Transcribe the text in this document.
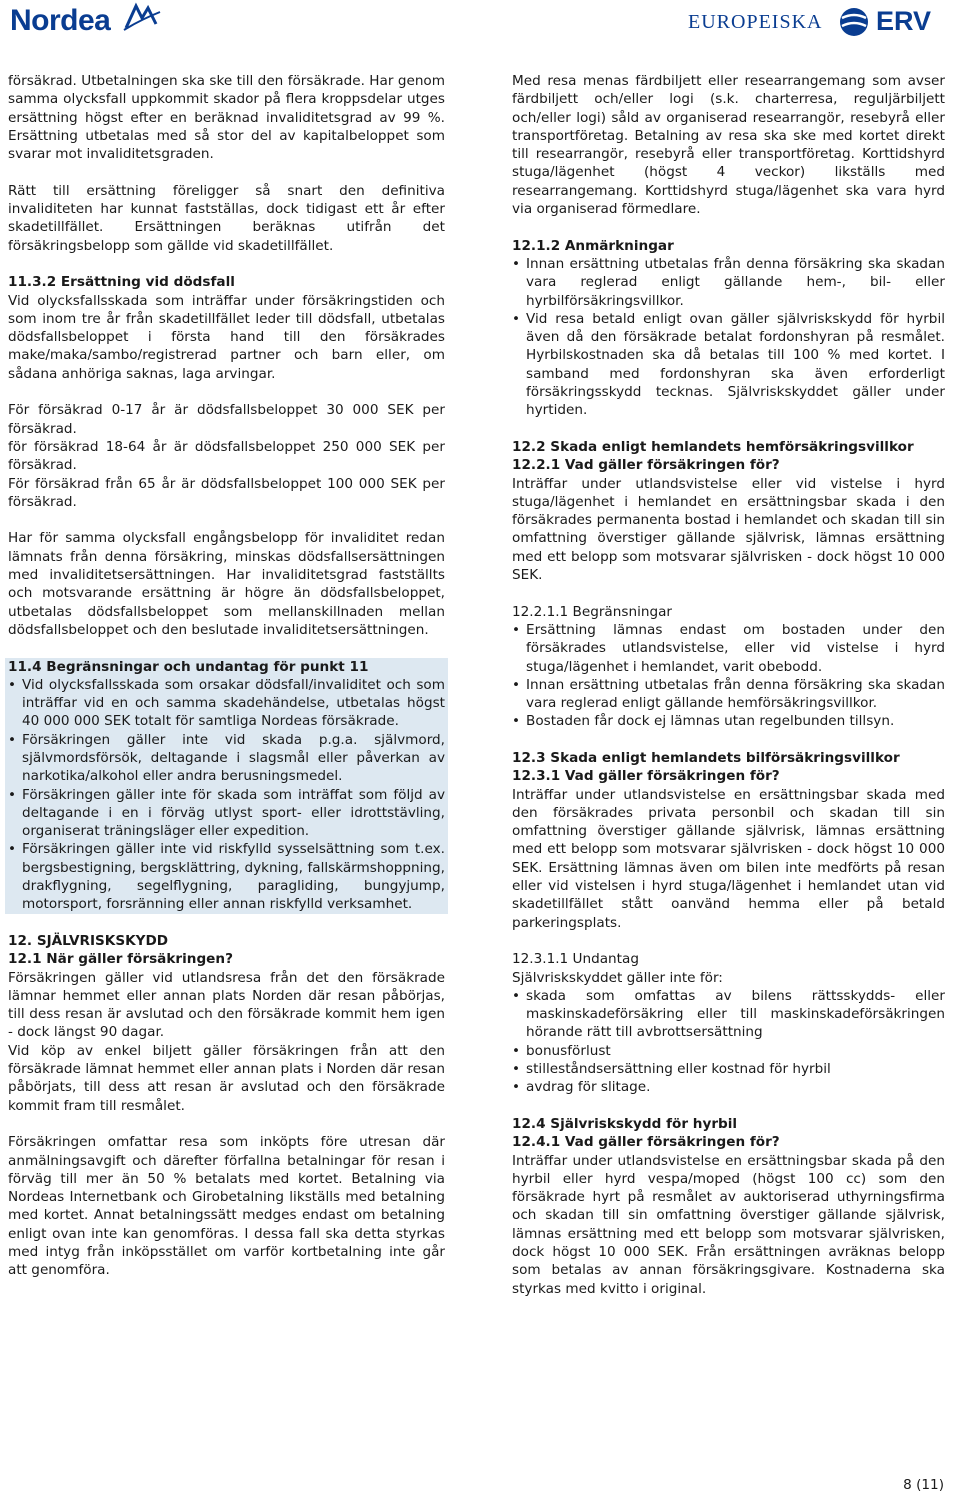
Nordea	EUROPEISKA ERV

försäkrad. Utbetalningen ska ske till den försäkrade. Har genom samma olycksfall uppkommit skador på flera kroppsdelar utges ersättning högst efter en beräknad invaliditetsgrad av 99 %. Ersättning utbetalas med så stor del av kapitalbeloppet som svarar mot invaliditetsgraden.

Rätt till ersättning föreligger så snart den definitiva invaliditeten har kunnat fastställas, dock tidigast ett år efter skadetillfället. Ersättningen beräknas utifrån det försäkringsbelopp som gällde vid skadetillfället.

11.3.2 Ersättning vid dödsfall

Vid olycksfallsskada som inträffar under försäkringstiden och som inom tre år från skadetillfället leder till dödsfall, utbetalas dödsfallsbeloppet i första hand till den försäkrades make/maka/sambo/registrerad partner och barn eller, om sådana anhöriga saknas, laga arvingar.

För försäkrad 0-17 år är dödsfallsbeloppet 30 000 SEK per försäkrad.

för försäkrad 18-64 år är dödsfallsbeloppet 250 000 SEK per försäkrad.

För försäkrad från 65 år är dödsfallsbeloppet 100 000 SEK per försäkrad.

Har för samma olycksfall engångsbelopp för invaliditet redan lämnats från denna försäkring, minskas dödsfallsersättningen med invaliditetsersättningen. Har invaliditetsgrad fastställts och motsvarande ersättning är högre än dödsfallsbeloppet, utbetalas dödsfallsbeloppet som mellanskillnaden mellan dödsfallsbeloppet och den beslutade invaliditetsersättningen.

11.4 Begränsningar och undantag för punkt 11
• Vid olycksfallsskada som orsakar dödsfall/invaliditet och som inträffar vid en och samma skadehändelse, utbetalas högst 40 000 000 SEK totalt för samtliga Nordeas försäkrade.
• Försäkringen gäller inte vid skada p.g.a. självmord, självmordsförsök, deltagande i slagsmål eller påverkan av narkotika/alkohol eller andra berusningsmedel.
• Försäkringen gäller inte för skada som inträffat som följd av deltagande i en i förväg utlyst sport- eller idrottstävling, organiserat träningsläger eller expedition.
• Försäkringen gäller inte vid riskfylld sysselsättning som t.ex. bergsbestigning, bergsklättring, dykning, fallskärmshoppning, drakflygning, segelflygning, paragliding, bungyjump, motorsport, forsränning eller annan riskfylld verksamhet.
12. SJÄLVRISKSKYDD
12.1 När gäller försäkringen?

Försäkringen gäller vid utlandsresa från det den försäkrade lämnar hemmet eller annan plats Norden där resan påbörjas, till dess resan är avslutad och den försäkrade kommit hem igen - dock längst 90 dagar.

Vid köp av enkel biljett gäller försäkringen från att den försäkrade lämnat hemmet eller annan plats i Norden där resan påbörjats, till dess att resan är avslutad och den försäkrade kommit fram till resmålet.

Försäkringen omfattar resa som inköpts före utresan där anmälningsavgift och därefter förfallna betalningar för resan i förväg till mer än 50 % betalats med kortet. Betalning via Nordeas Internetbank och Girobetalning likställs med betalning med kortet. Annat betalningssätt medges endast om betalning enligt ovan inte kan genomföras. I dessa fall ska detta styrkas med intyg från inköpsstället om varför kortbetalning inte går att genomföra.

Med resa menas färdbiljett eller researrangemang som avser färdbiljett och/eller logi (s.k. charterresa, reguljärbiljett och/eller logi) såld av organiserad researrangör, resebyrå eller transportföretag. Betalning av resa ska ske med kortet direkt till researrangör, resebyrå eller transportföretag. Korttidshyrd stuga/lägenhet (högst 4 veckor) likställs med researrangemang. Korttidshyrd stuga/lägenhet ska vara hyrd via organiserad förmedlare.

12.1.2 Anmärkningar
• Innan ersättning utbetalas från denna försäkring ska skadan vara reglerad enligt gällande hem-, bil- eller hyrbilförsäkringsvillkor.
• Vid resa betald enligt ovan gäller självriskskydd för hyrbil även då den försäkrade betalat fordonshyran på resmålet. Hyrbilskostnaden ska då betalas till 100 % med kortet. I samband med fordonshyran ska även erforderligt försäkringsskydd tecknas. Självriskskyddet gäller under hyrtiden.
12.2 Skada enligt hemlandets hemförsäkringsvillkor
12.2.1 Vad gäller försäkringen för?

Inträffar under utlandsvistelse eller vid vistelse i hyrd stuga/lägenhet i hemlandet en ersättningsbar skada i den försäkrades permanenta bostad i hemlandet och skadan till sin omfattning överstiger gällande självrisk, lämnas ersättning med ett belopp som motsvarar självrisken - dock högst 10 000 SEK.

12.2.1.1 Begränsningar
• Ersättning lämnas endast om bostaden under den försäkrades utlandsvistelse, eller vid vistelse i hyrd stuga/lägenhet i hemlandet, varit obebodd.
• Innan ersättning utbetalas från denna försäkring ska skadan vara reglerad enligt gällande hemförsäkringsvillkor.
• Bostaden får dock ej lämnas utan regelbunden tillsyn.
12.3 Skada enligt hemlandets bilförsäkringsvillkor
12.3.1 Vad gäller försäkringen för?

Inträffar under utlandsvistelse en ersättningsbar skada med den försäkrades privata personbil och skadan till sin omfattning överstiger gällande självrisk, lämnas ersättning med ett belopp som motsvarar självrisken - dock högst 10 000 SEK. Ersättning lämnas även om bilen inte medförts på resan eller vid vistelsen i hyrd stuga/lägenhet i hemlandet utan vid skadetillfället stått oanvänd hemma eller på betald parkeringsplats.

12.3.1.1 Undantag

Självriskskyddet gäller inte för:

• skada som omfattas av bilens rättsskydds- eller maskinskadeförsäkring eller till maskinskadeförsäkringen hörande rätt till avbrottsersättning
• bonusförlust
• stilleståndsersättning eller kostnad för hyrbil
• avdrag för slitage.
12.4 Självriskskydd för hyrbil
12.4.1 Vad gäller försäkringen för?

Inträffar under utlandsvistelse en ersättningsbar skada på den hyrbil eller hyrd vespa/moped (högst 100 cc) som den försäkrade hyrt på resmålet av auktoriserad uthyrningsfirma och skadan till sin omfattning överstiger gällande självrisk, lämnas ersättning med ett belopp som motsvarar självrisken, dock högst 10 000 SEK. Från ersättningen avräknas belopp som betalas av annan försäkringsgivare. Kostnaderna ska styrkas med kvitto i original.

8 (11)
